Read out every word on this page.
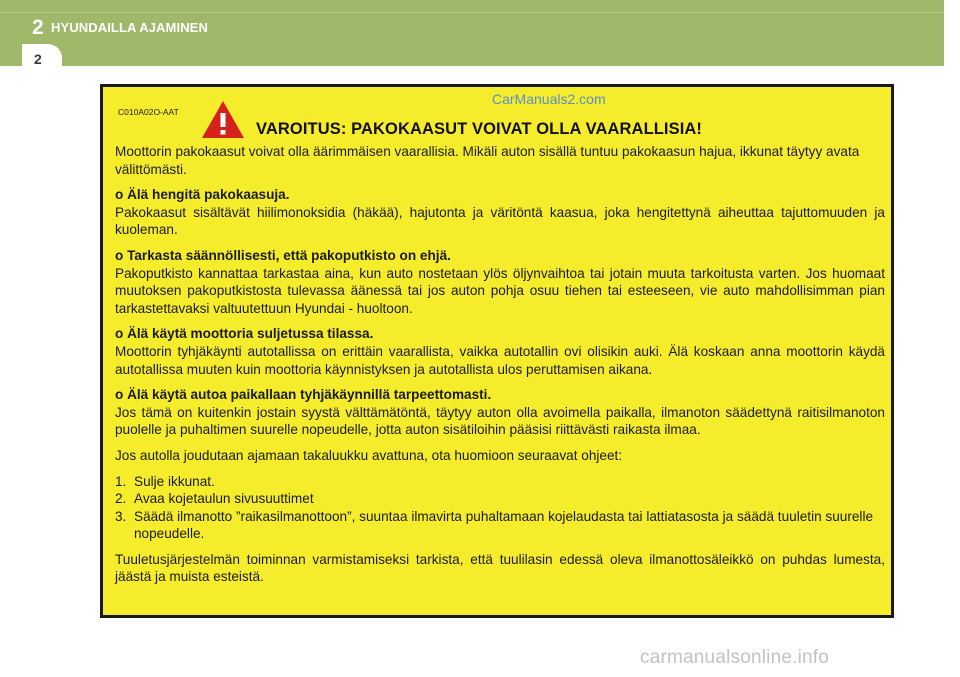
2 HYUNDAILLA AJAMINEN
2
C010A02O-AAT
CarManuals2.com
VAROITUS: PAKOKAASUT VOIVAT OLLA VAARALLISIA!

Moottorin pakokaasut voivat olla äärimmäisen vaarallisia. Mikäli auton sisällä tuntuu pakokaasun hajua, ikkunat täytyy avata välittömästi.

o Älä hengitä pakokaasuja.
Pakokaasut sisältävät hiilimonoksidia (häkää), hajutonta ja väritöntä kaasua, joka hengitettynä aiheuttaa tajuttomuuden ja kuoleman.

o Tarkasta säännöllisesti, että pakoputkisto on ehjä.
Pakoputkisto kannattaa tarkastaa aina, kun auto nostetaan ylös öljynvaihtoa tai jotain muuta tarkoitusta varten. Jos huomaat muutoksen pakoputkistosta tulevassa äänessä tai jos auton pohja osuu tiehen tai esteeseen, vie auto mahdollisimman pian tarkastettavaksi valtuutettuun Hyundai - huoltoon.

o Älä käytä moottoria suljetussa tilassa.
Moottorin tyhjäkäynti autotallissa on erittäin vaarallista, vaikka autotallin ovi olisikin auki. Älä koskaan anna moottorin käydä autotallissa muuten kuin moottoria käynnistyksen ja autotallista ulos peruttamisen aikana.

o Älä käytä autoa paikallaan tyhjäkäynnillä tarpeettomasti.
Jos tämä on kuitenkin jostain syystä välttämätöntä, täytyy auton olla avoimella paikalla, ilmanoton säädettynä raitisilmanoton puolelle ja puhaltimen suurelle nopeudelle, jotta auton sisätiloihin pääsisi riittävästi raikasta ilmaa.

Jos autolla joudutaan ajamaan takaluukku avattuna, ota huomioon seuraavat ohjeet:

1. Sulje ikkunat.
2. Avaa kojetaulun sivusuuttimet
3. Säädä ilmanotto ”raikasilmanottoon”, suuntaa ilmavirta puhaltamaan kojelaudasta tai lattiatasosta ja säädä tuuletin suurelle nopeudelle.

Tuuletusjärjestelmän toiminnan varmistamiseksi tarkista, että tuulilasin edessä oleva ilmanottosäleikkö on puhdas lumesta, jäästä ja muista esteistä.

carmanualsonline.info
